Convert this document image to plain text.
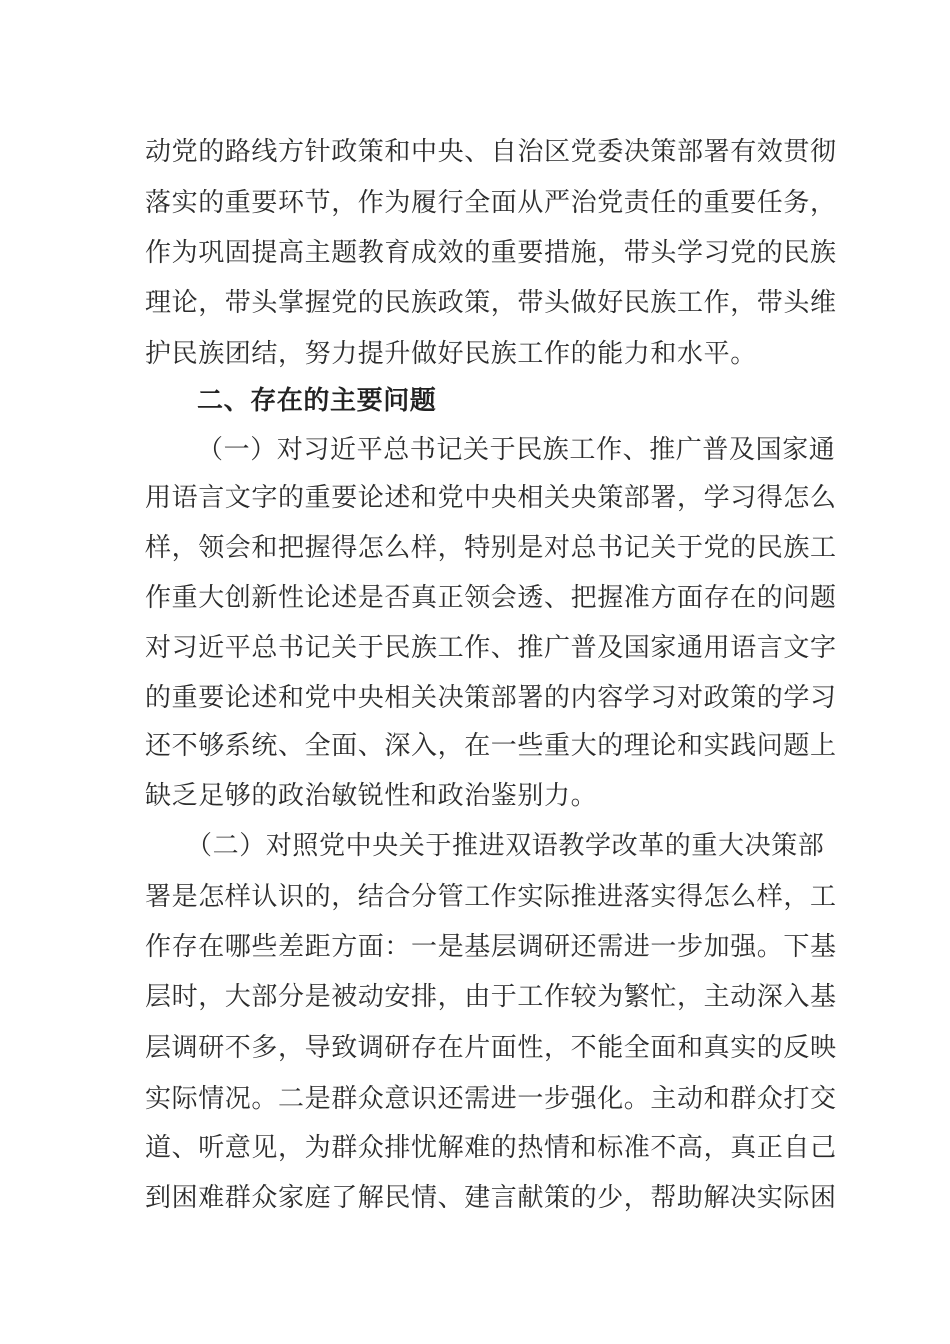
动党的路线方针政策和中央、自治区党委决策部署有效贯彻
落实的重要环节，作为履行全面从严治党责任的重要任务，
作为巩固提高主题教育成效的重要措施，带头学习党的民族
理论，带头掌握党的民族政策，带头做好民族工作，带头维
护民族团结，努力提升做好民族工作的能力和水平。
二、存在的主要问题
（一）对习近平总书记关于民族工作、推广普及国家通
用语言文字的重要论述和党中央相关央策部署，学习得怎么
样，领会和把握得怎么样，特别是对总书记关于党的民族工
作重大创新性论述是否真正领会透、把握准方面存在的问题
对习近平总书记关于民族工作、推广普及国家通用语言文字
的重要论述和党中央相关决策部署的内容学习对政策的学习
还不够系统、全面、深入，在一些重大的理论和实践问题上
缺乏足够的政治敏锐性和政治鉴别力。
（二）对照党中央关于推进双语教学改革的重大决策部
署是怎样认识的，结合分管工作实际推进落实得怎么样，工
作存在哪些差距方面：一是基层调研还需进一步加强。下基
层时，大部分是被动安排，由于工作较为繁忙，主动深入基
层调研不多，导致调研存在片面性，不能全面和真实的反映
实际情况。二是群众意识还需进一步强化。主动和群众打交
道、听意见，为群众排忧解难的热情和标准不高，真正自己
到困难群众家庭了解民情、建言献策的少，帮助解决实际困
